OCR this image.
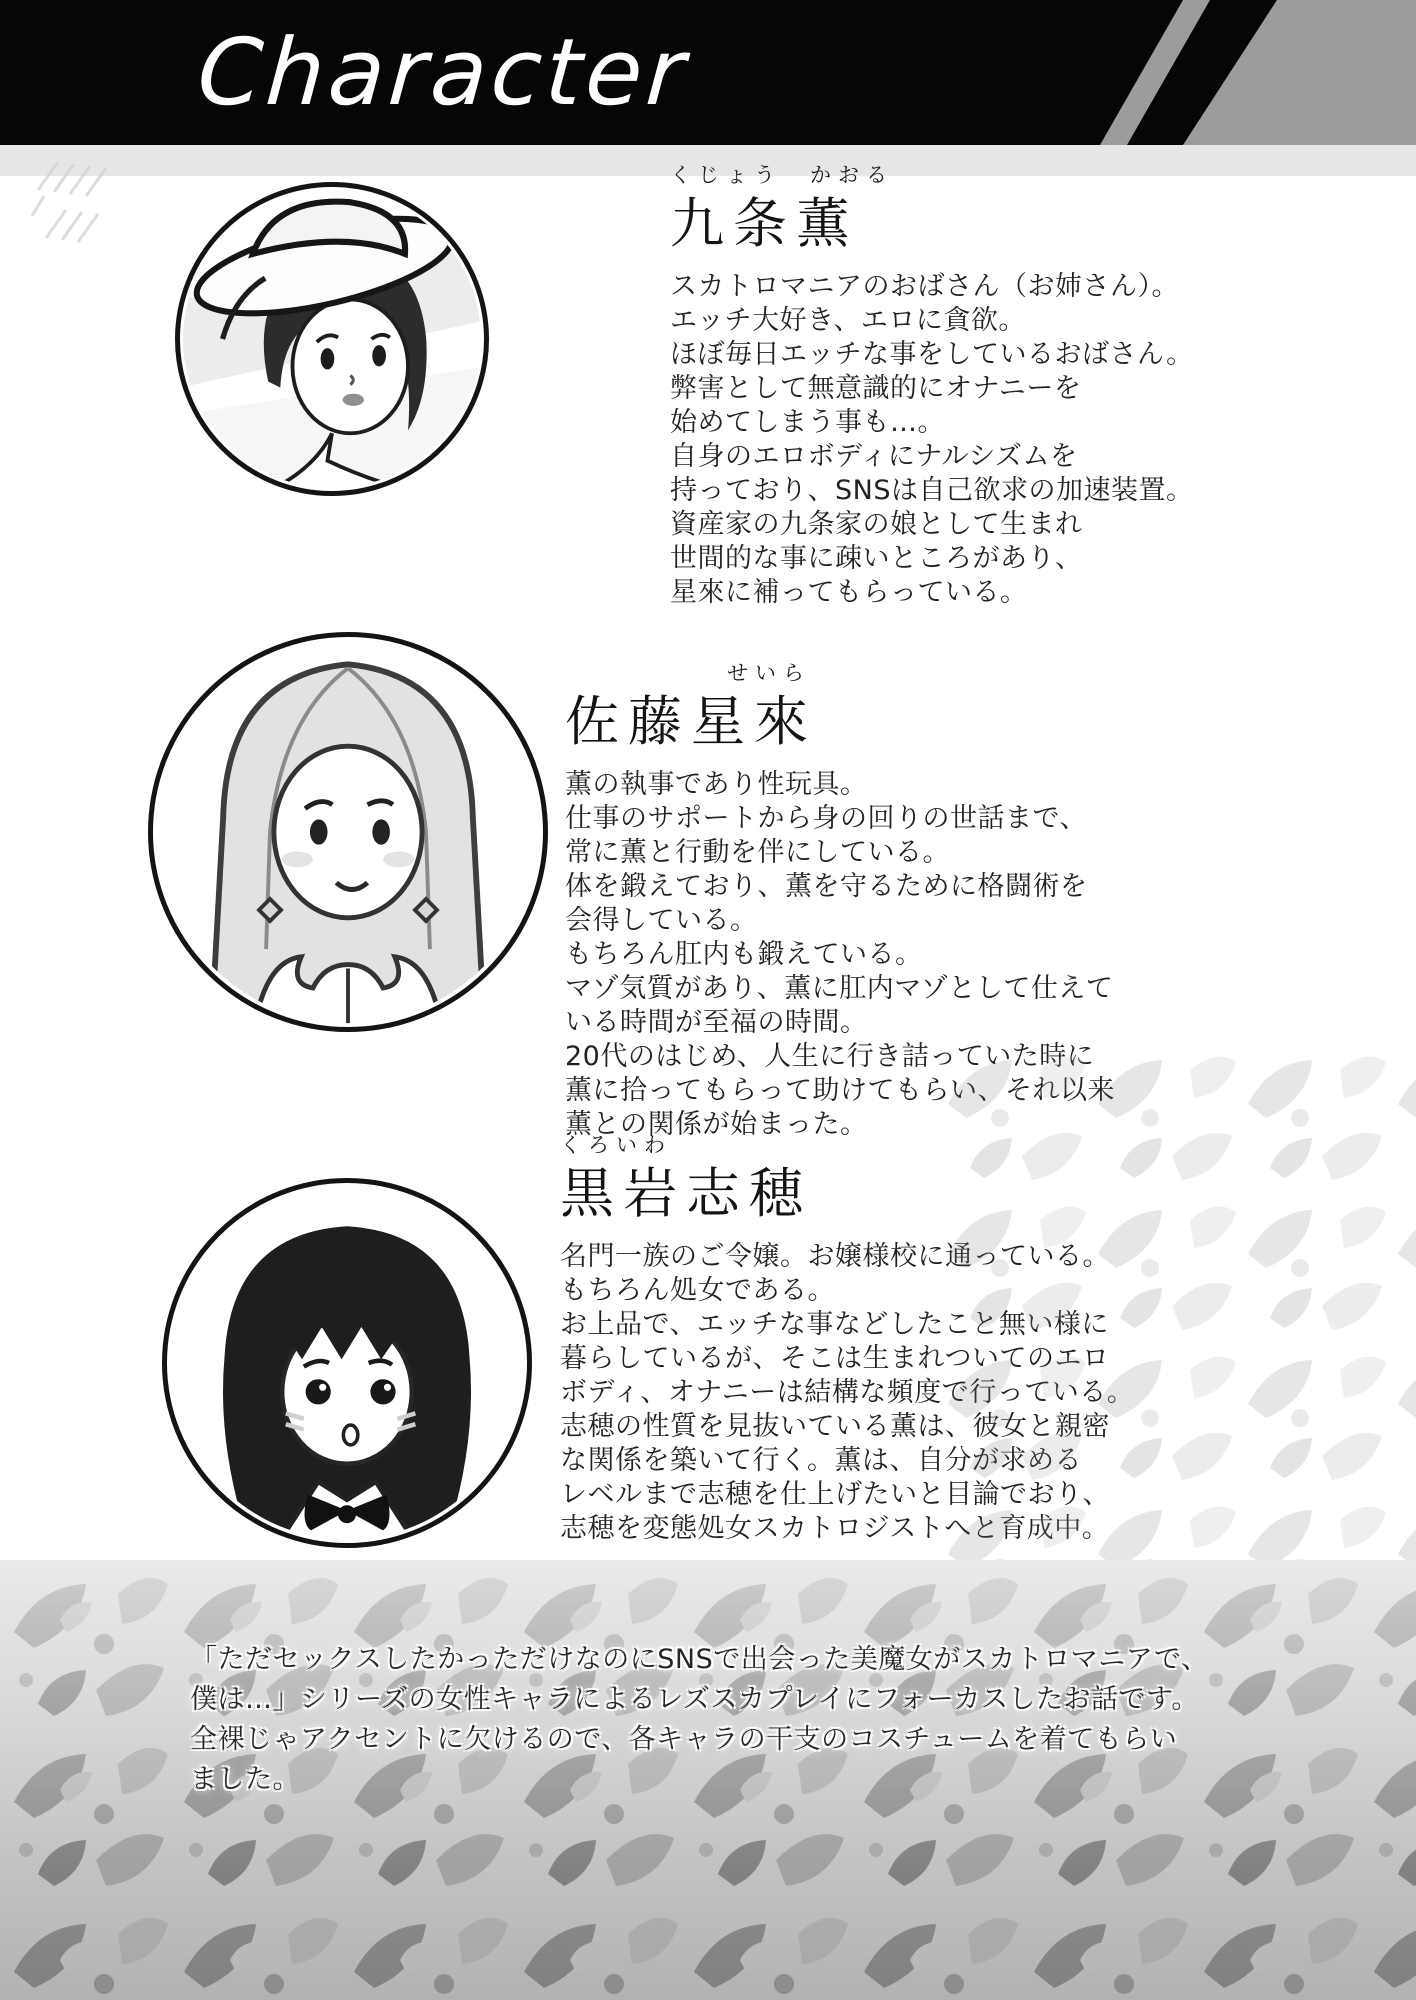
Character
くじょう　かおる
九条薫
スカトロマニアのおばさん（お姉さん）。
エッチ大好き、エロに貪欲。
ほぼ毎日エッチな事をしているおばさん。
弊害として無意識的にオナニーを
始めてしまう事も…。
自身のエロボディにナルシズムを
持っており、SNSは自己欲求の加速装置。
資産家の九条家の娘として生まれ
世間的な事に疎いところがあり、
星來に補ってもらっている。
せいら
佐藤星來
薫の執事であり性玩具。
仕事のサポートから身の回りの世話まで、
常に薫と行動を伴にしている。
体を鍛えており、薫を守るために格闘術を
会得している。
もちろん肛内も鍛えている。
マゾ気質があり、薫に肛内マゾとして仕えて
いる時間が至福の時間。
20代のはじめ、人生に行き詰っていた時に
薫に拾ってもらって助けてもらい、それ以来
薫との関係が始まった。
くろいわ
黒岩志穂
名門一族のご令嬢。お嬢様校に通っている。
もちろん処女である。
お上品で、エッチな事などしたこと無い様に
暮らしているが、そこは生まれついてのエロ
ボディ、オナニーは結構な頻度で行っている。
志穂の性質を見抜いている薫は、彼女と親密
な関係を築いて行く。薫は、自分が求める
レベルまで志穂を仕上げたいと目論でおり、
志穂を変態処女スカトロジストへと育成中。
「ただセックスしたかっただけなのにSNSで出会った美魔女がスカトロマニアで、
僕は…」シリーズの女性キャラによるレズスカプレイにフォーカスしたお話です。
全裸じゃアクセントに欠けるので、各キャラの干支のコスチュームを着てもらい
ました。
